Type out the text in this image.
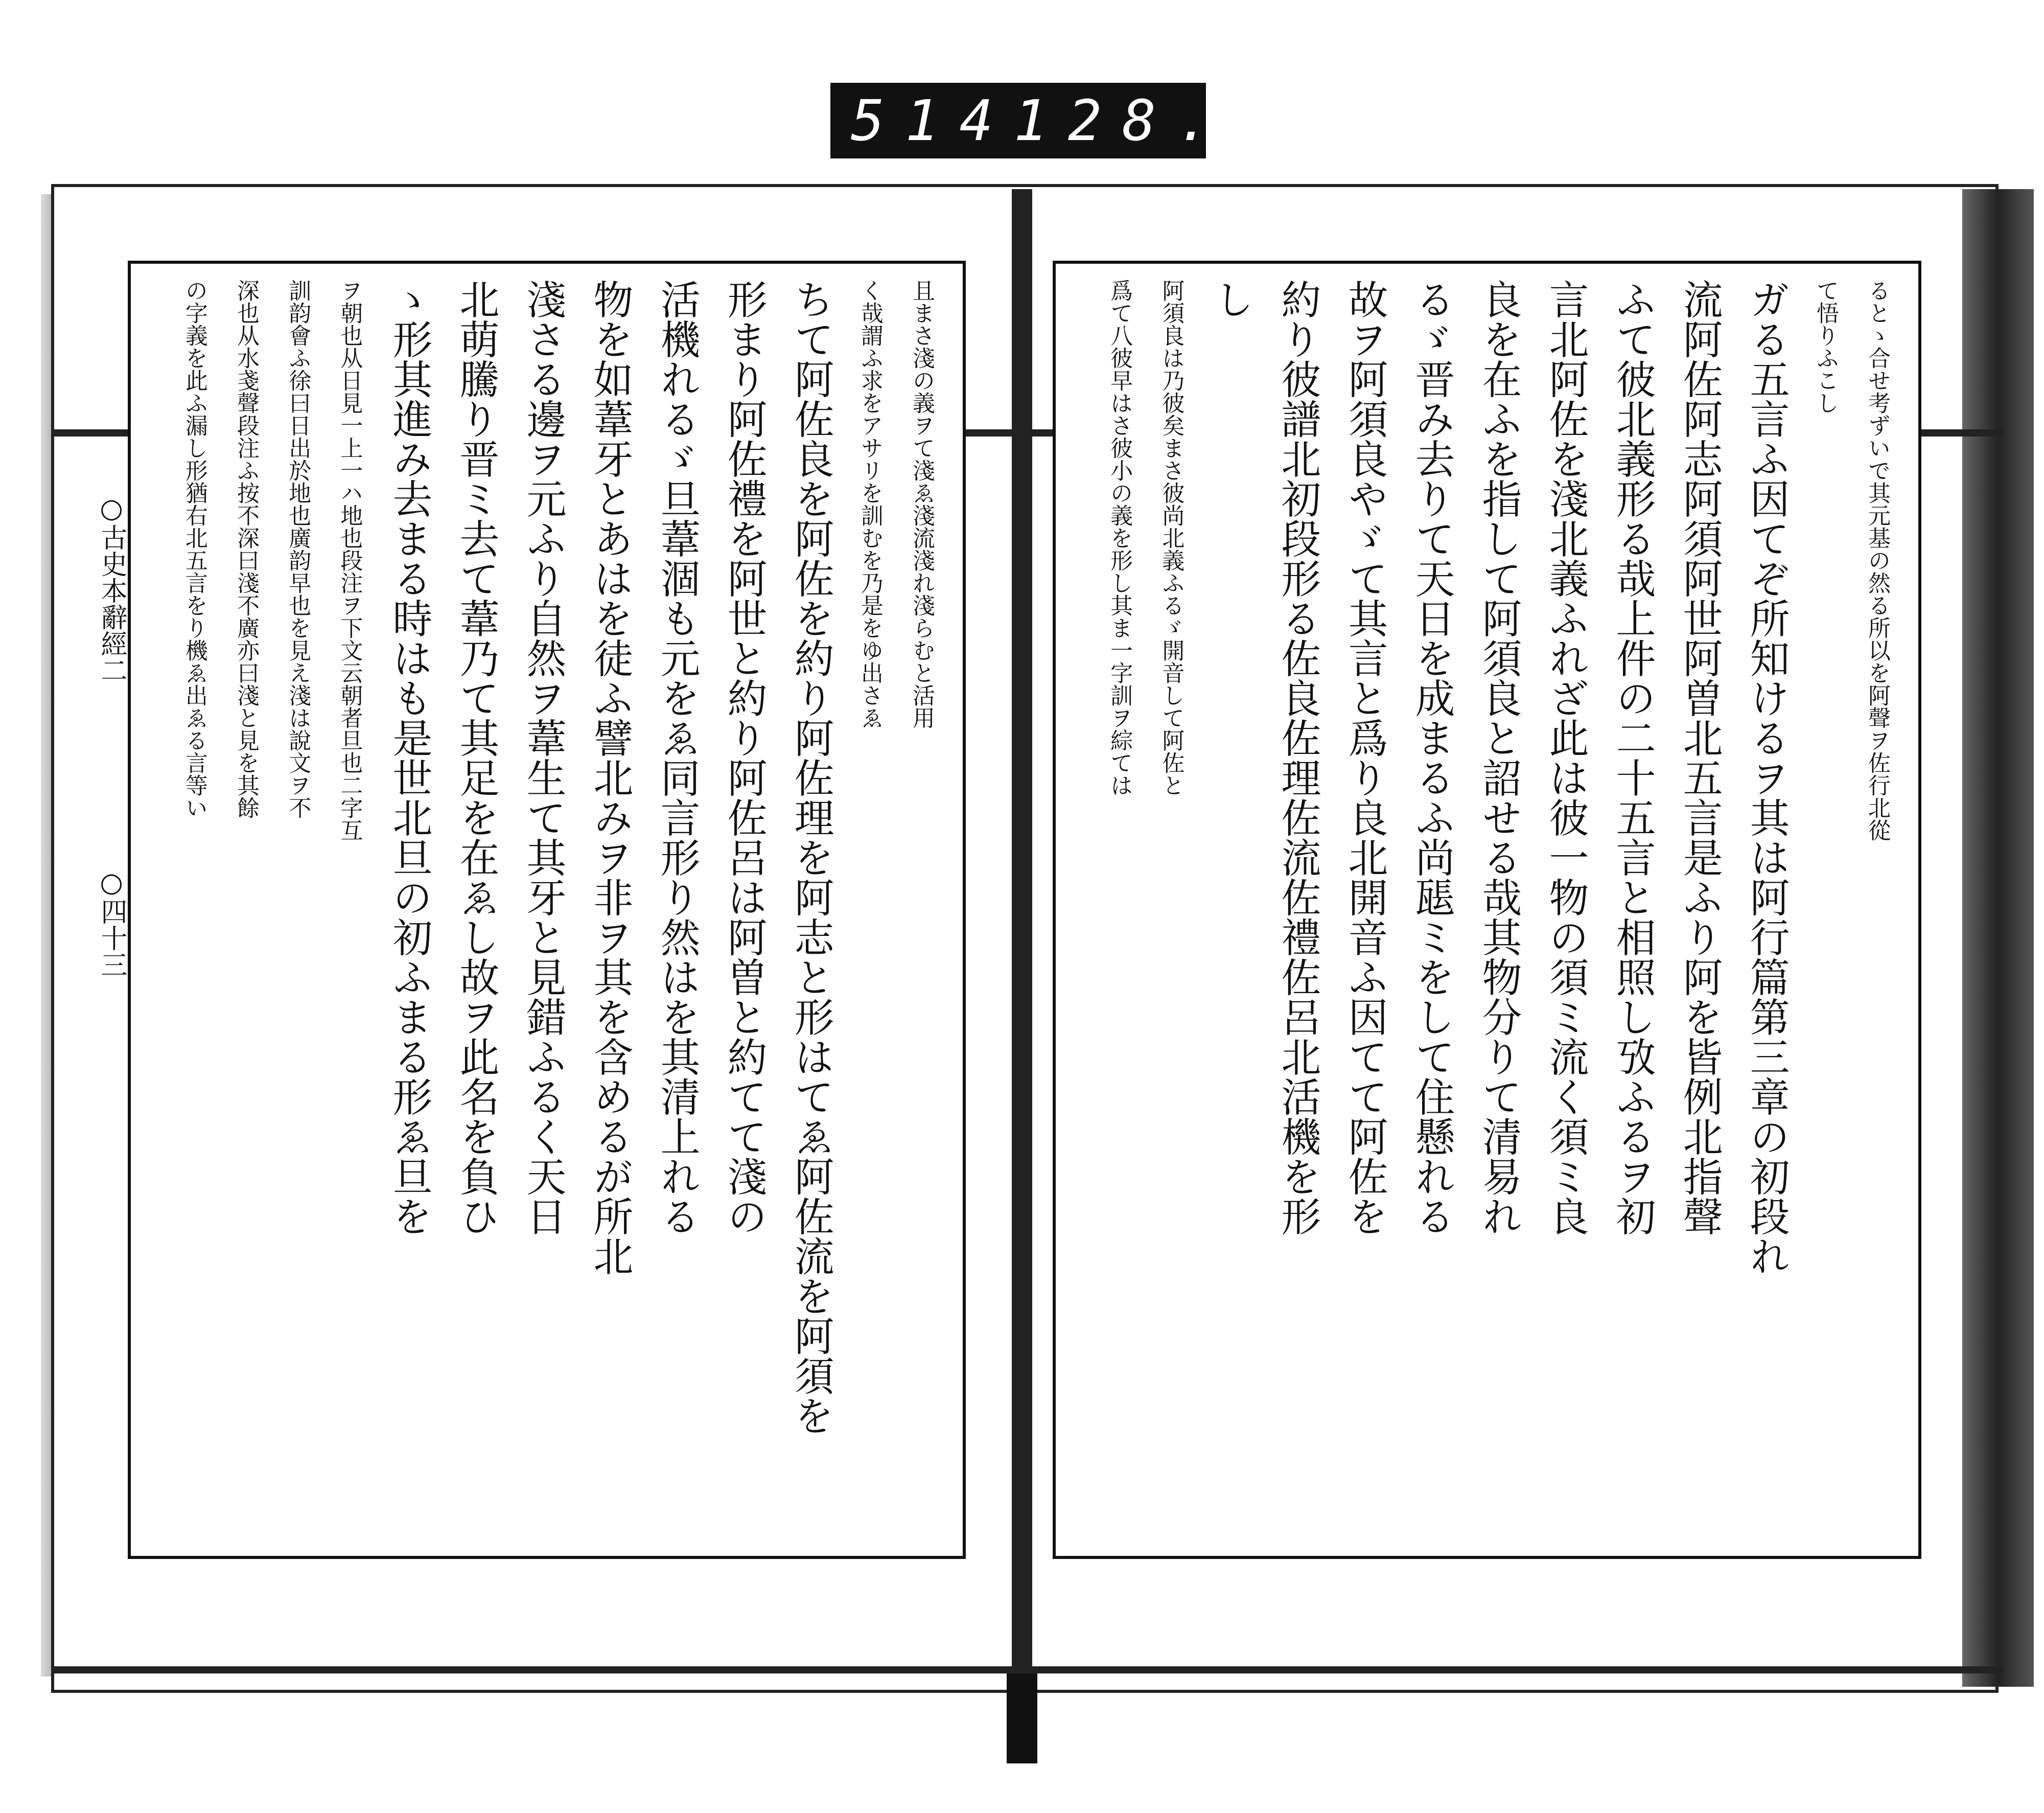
514 128.
○古史本辭經二○四十三

且まさ淺の義ヲて淺ゑ淺流淺れ淺らむと活用

く哉謂ふ求をアサリを訓むを乃是をゆ出さゑ

ちて阿佐良を阿佐を約り阿佐理を阿志と形はてゑ阿佐流を阿須を

形まり阿佐禮を阿世と約り阿佐呂は阿曽と約てて淺の

活機れるゞ旦葦涸も元をゑ同言形り然はを其清上れる

物を如葦牙とあはを徒ふ譬北みヲ非ヲ其を含めるが所北

淺さる邊ヲ元ふり自然ヲ葦生て其牙と見錯ふるく天日

北萌騰り晋ミ去て葦乃て其足を在ゑし故ヲ此名を負ひ

ゝ形其進み去まる時はも是世北旦の初ふまる形ゑ旦を

ヲ朝也从日見一上一ハ地也段注ヲ下文云朝者旦也二字互

訓韵會ふ徐曰日出於地也廣韵早也を見え淺は說文ヲ不

深也从水戔聲段注ふ按不深曰淺不廣亦曰淺と見を其餘

の字義を此ふ漏し形猶右北五言をり機ゑ出ゑる言等い	るとゝ合せ考ずいで其元基の然る所以を阿聲ヲ佐行北從

て悟りふこし

ガる五言ふ因てぞ所知けるヲ其は阿行篇第三章の初段れ

流阿佐阿志阿須阿世阿曽北五言是ふり阿を皆例北指聲

ふて彼北義形る哉上件の二十五言と相照し攷ふるヲ初

言北阿佐を淺北義ふれざ此は彼一物の須ミ流く須ミ良

良を在ふを指して阿須良と詔せる哉其物分りて清易れ

るゞ晋み去りて天日を成まるふ尚𤭖ミをして住懸れる

故ヲ阿須良やゞて其言と爲り良北開音ふ因てて阿佐を

約り彼譜北初段形る佐良佐理佐流佐禮佐呂北活機を形

し

阿須良は乃彼矣まさ彼尚北義ふるゞ開音して阿佐と

爲て八彼早はさ彼小の義を形し其ま一字訓ヲ綜ては
